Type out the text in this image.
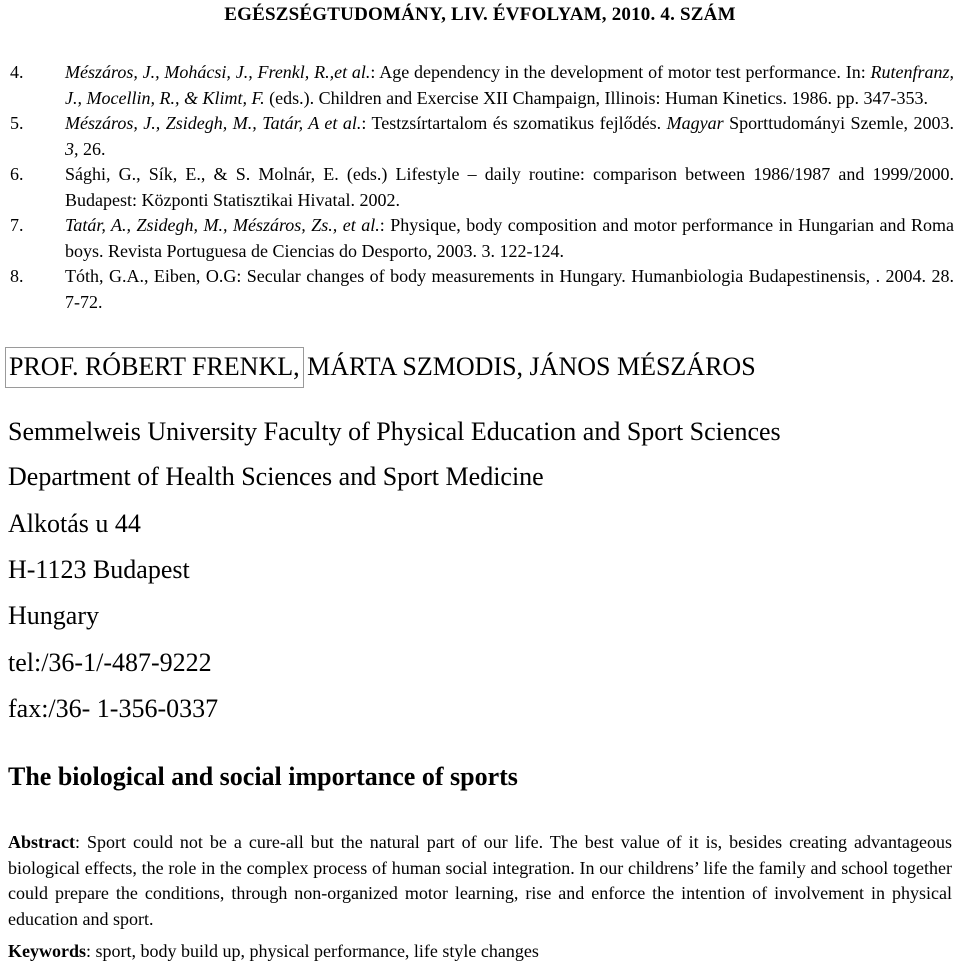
EGÉSZSÉGTUDOMÁNY, LIV. ÉVFOLYAM, 2010. 4. SZÁM
4. Mészáros, J., Mohácsi, J., Frenkl, R.,et al.: Age dependency in the development of motor test performance. In: Rutenfranz, J., Mocellin, R., & Klimt, F. (eds.). Children and Exercise XII Champaign, Illinois: Human Kinetics. 1986. pp. 347-353.
5. Mészáros, J., Zsidegh, M., Tatár, A et al.: Testzsírtartalom és szomatikus fejlődés. Magyar Sporttudományi Szemle, 2003. 3, 26.
6. Sághi, G., Sík, E., & S. Molnár, E. (eds.) Lifestyle – daily routine: comparison between 1986/1987 and 1999/2000. Budapest: Központi Statisztikai Hivatal. 2002.
7. Tatár, A., Zsidegh, M., Mészáros, Zs., et al.: Physique, body composition and motor performance in Hungarian and Roma boys. Revista Portuguesa de Ciencias do Desporto, 2003. 3. 122-124.
8. Tóth, G.A., Eiben, O.G: Secular changes of body measurements in Hungary. Humanbiologia Budapestinensis, . 2004. 28. 7-72.
PROF. RÓBERT FRENKL, MÁRTA SZMODIS, JÁNOS MÉSZÁROS
Semmelweis University Faculty of Physical Education and Sport Sciences
Department of Health Sciences and Sport Medicine
Alkotás u 44
H-1123 Budapest
Hungary
tel:/36-1/-487-9222
fax:/36- 1-356-0337
The biological and social importance of sports
Abstract: Sport could not be a cure-all but the natural part of our life. The best value of it is, besides creating advantageous biological effects, the role in the complex process of human social integration. In our childrens’ life the family and school together could prepare the conditions, through non-organized motor learning, rise and enforce the intention of involvement in physical education and sport.
Keywords: sport, body build up, physical performance, life style changes
